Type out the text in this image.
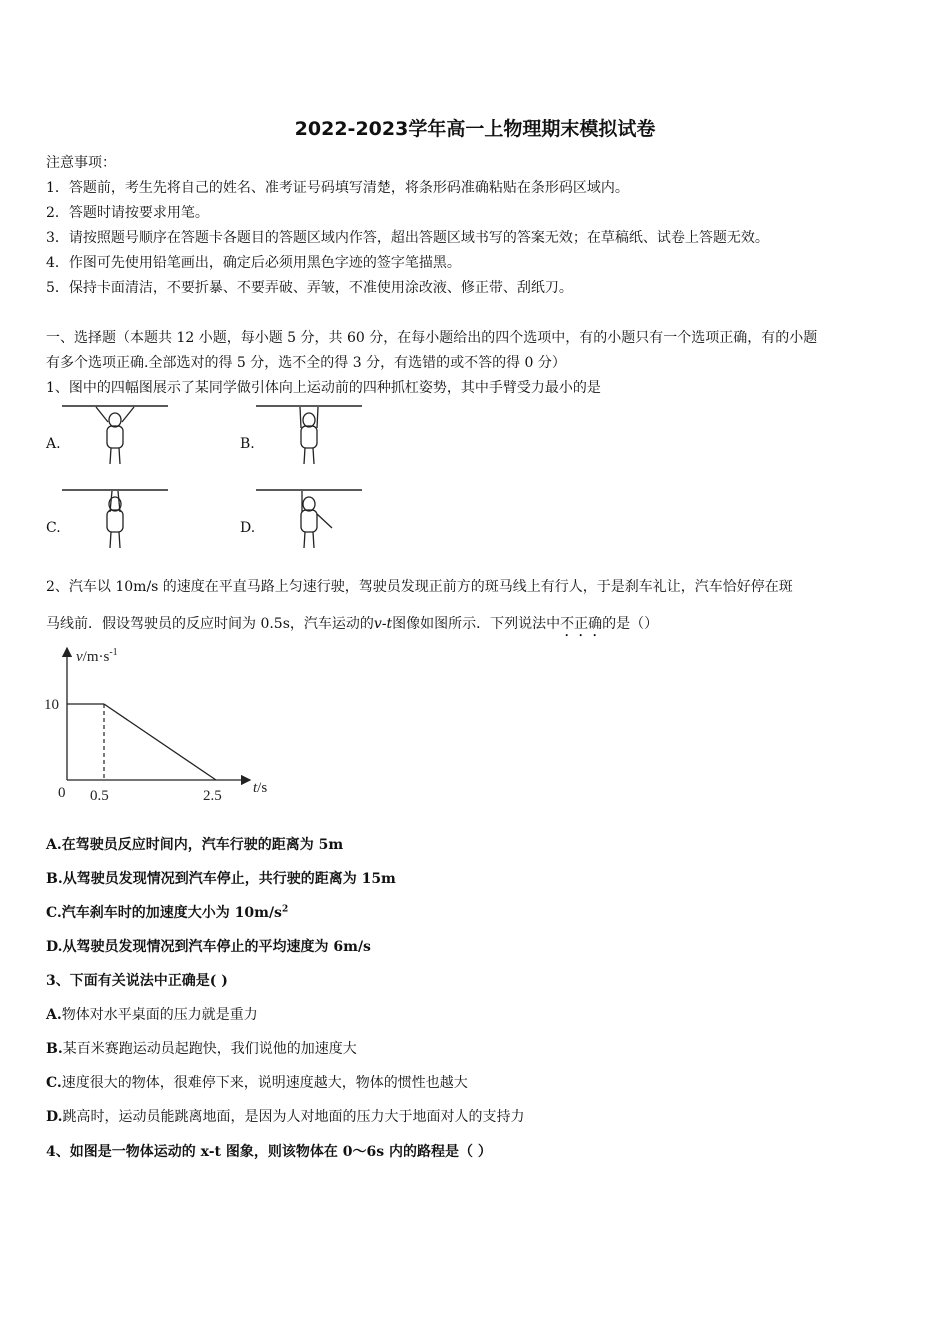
2022-2023学年高一上物理期末模拟试卷
注意事项：
1．答题前，考生先将自己的姓名、准考证号码填写清楚，将条形码准确粘贴在条形码区域内。
2．答题时请按要求用笔。
3．请按照题号顺序在答题卡各题目的答题区域内作答，超出答题区域书写的答案无效；在草稿纸、试卷上答题无效。
4．作图可先使用铅笔画出，确定后必须用黑色字迹的签字笔描黑。
5．保持卡面清洁，不要折暴、不要弄破、弄皱，不准使用涂改液、修正带、刮纸刀。
一、选择题（本题共 12 小题，每小题 5 分，共 60 分，在每小题给出的四个选项中，有的小题只有一个选项正确，有的小题
有多个选项正确.全部选对的得 5 分，选不全的得 3 分，有选错的或不答的得 0 分）
1、图中的四幅图展示了某同学做引体向上运动前的四种抓杠姿势，其中手臂受力最小的是
A.	B.
C.	D.
2、汽车以 10m/s 的速度在平直马路上匀速行驶，驾驶员发现正前方的斑马线上有行人，于是刹车礼让，汽车恰好停在斑
马线前．假设驾驶员的反应时间为 0.5s，汽车运动的v-t图像如图所示．下列说法中不正确的是（）
$v/m\cdot s^{-1}$
10
0 0.5	2.5 t/s
A.在驾驶员反应时间内，汽车行驶的距离为 5m
B.从驾驶员发现情况到汽车停止，共行驶的距离为 15m
C.汽车刹车时的加速度大小为 $10m/s^2$
D.从驾驶员发现情况到汽车停止的平均速度为 6m/s
3、下面有关说法中正确是( )
A.物体对水平桌面的压力就是重力
B.某百米赛跑运动员起跑快，我们说他的加速度大
C.速度很大的物体，很难停下来，说明速度越大，物体的惯性也越大
D.跳高时，运动员能跳离地面，是因为人对地面的压力大于地面对人的支持力
4、如图是一物体运动的 x-t 图象，则该物体在 0～6s 内的路程是（ ）
